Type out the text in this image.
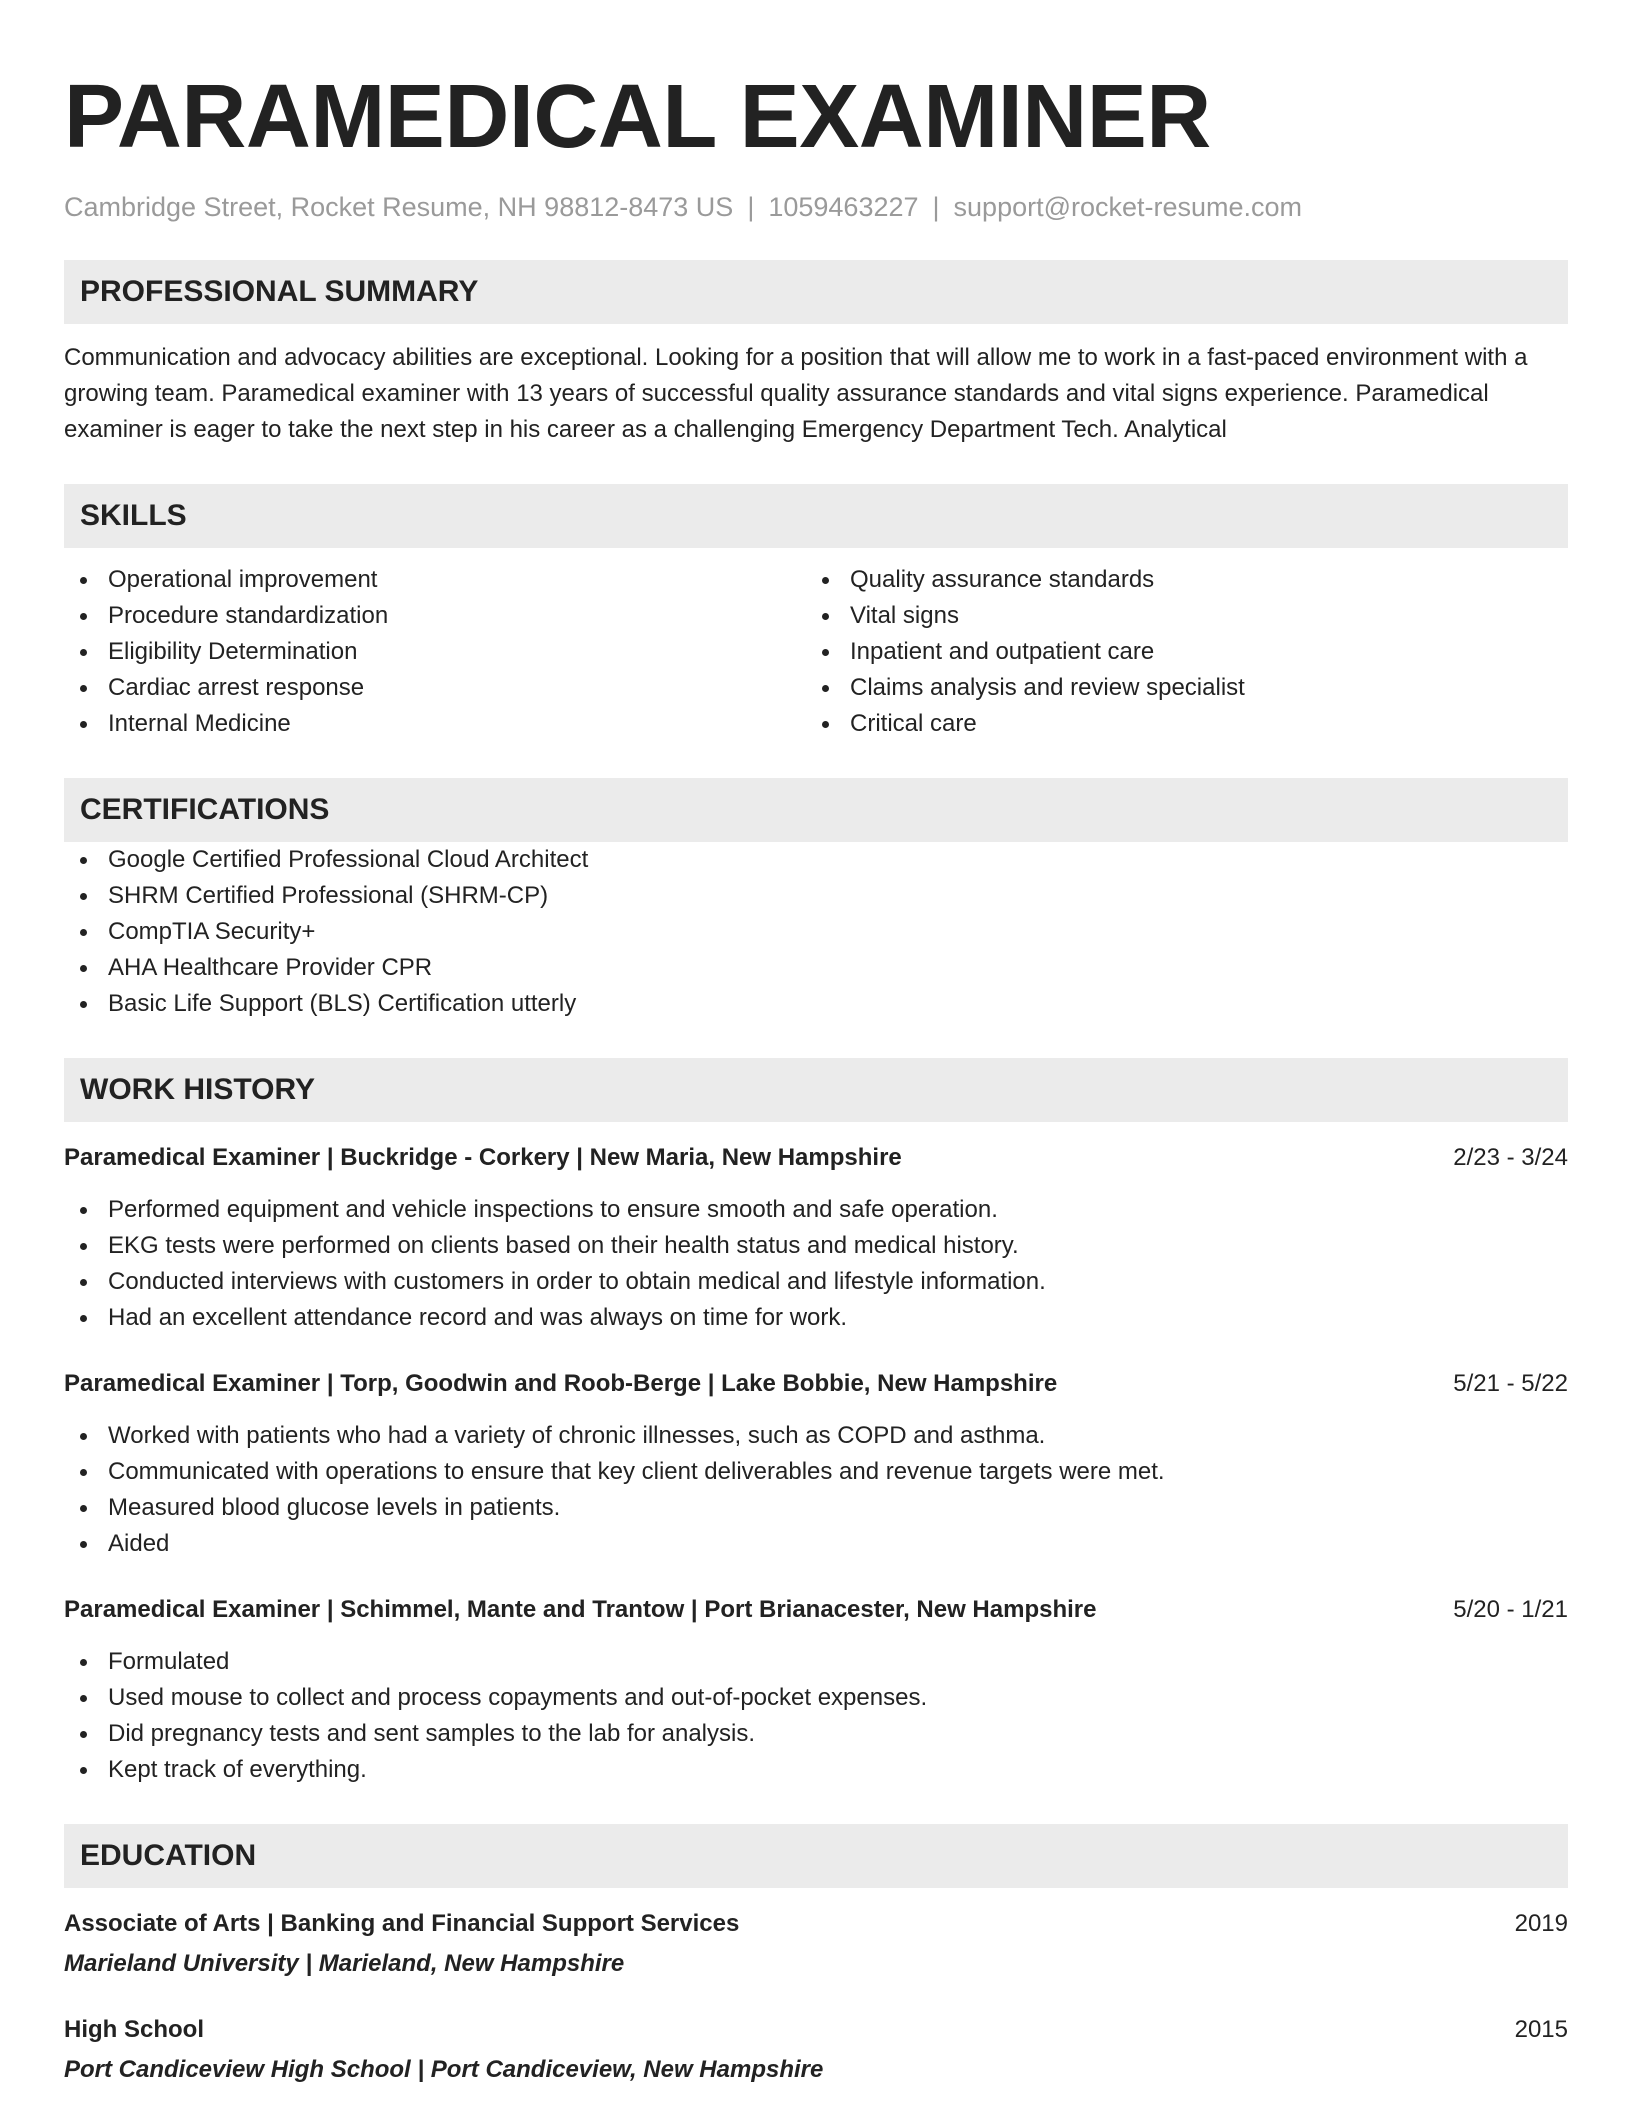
PARAMEDICAL EXAMINER
Cambridge Street, Rocket Resume, NH 98812-8473 US | 1059463227 | support@rocket-resume.com
PROFESSIONAL SUMMARY
Communication and advocacy abilities are exceptional. Looking for a position that will allow me to work in a fast-paced environment with a growing team. Paramedical examiner with 13 years of successful quality assurance standards and vital signs experience. Paramedical examiner is eager to take the next step in his career as a challenging Emergency Department Tech. Analytical
SKILLS
Operational improvement
Procedure standardization
Eligibility Determination
Cardiac arrest response
Internal Medicine
Quality assurance standards
Vital signs
Inpatient and outpatient care
Claims analysis and review specialist
Critical care
CERTIFICATIONS
Google Certified Professional Cloud Architect
SHRM Certified Professional (SHRM-CP)
CompTIA Security+
AHA Healthcare Provider CPR
Basic Life Support (BLS) Certification utterly
WORK HISTORY
Paramedical Examiner | Buckridge - Corkery | New Maria, New Hampshire	2/23 - 3/24
Performed equipment and vehicle inspections to ensure smooth and safe operation.
EKG tests were performed on clients based on their health status and medical history.
Conducted interviews with customers in order to obtain medical and lifestyle information.
Had an excellent attendance record and was always on time for work.
Paramedical Examiner | Torp, Goodwin and Roob-Berge | Lake Bobbie, New Hampshire	5/21 - 5/22
Worked with patients who had a variety of chronic illnesses, such as COPD and asthma.
Communicated with operations to ensure that key client deliverables and revenue targets were met.
Measured blood glucose levels in patients.
Aided
Paramedical Examiner | Schimmel, Mante and Trantow | Port Brianacester, New Hampshire	5/20 - 1/21
Formulated
Used mouse to collect and process copayments and out-of-pocket expenses.
Did pregnancy tests and sent samples to the lab for analysis.
Kept track of everything.
EDUCATION
Associate of Arts | Banking and Financial Support Services	2019
Marieland University | Marieland, New Hampshire
High School	2015
Port Candiceview High School | Port Candiceview, New Hampshire
